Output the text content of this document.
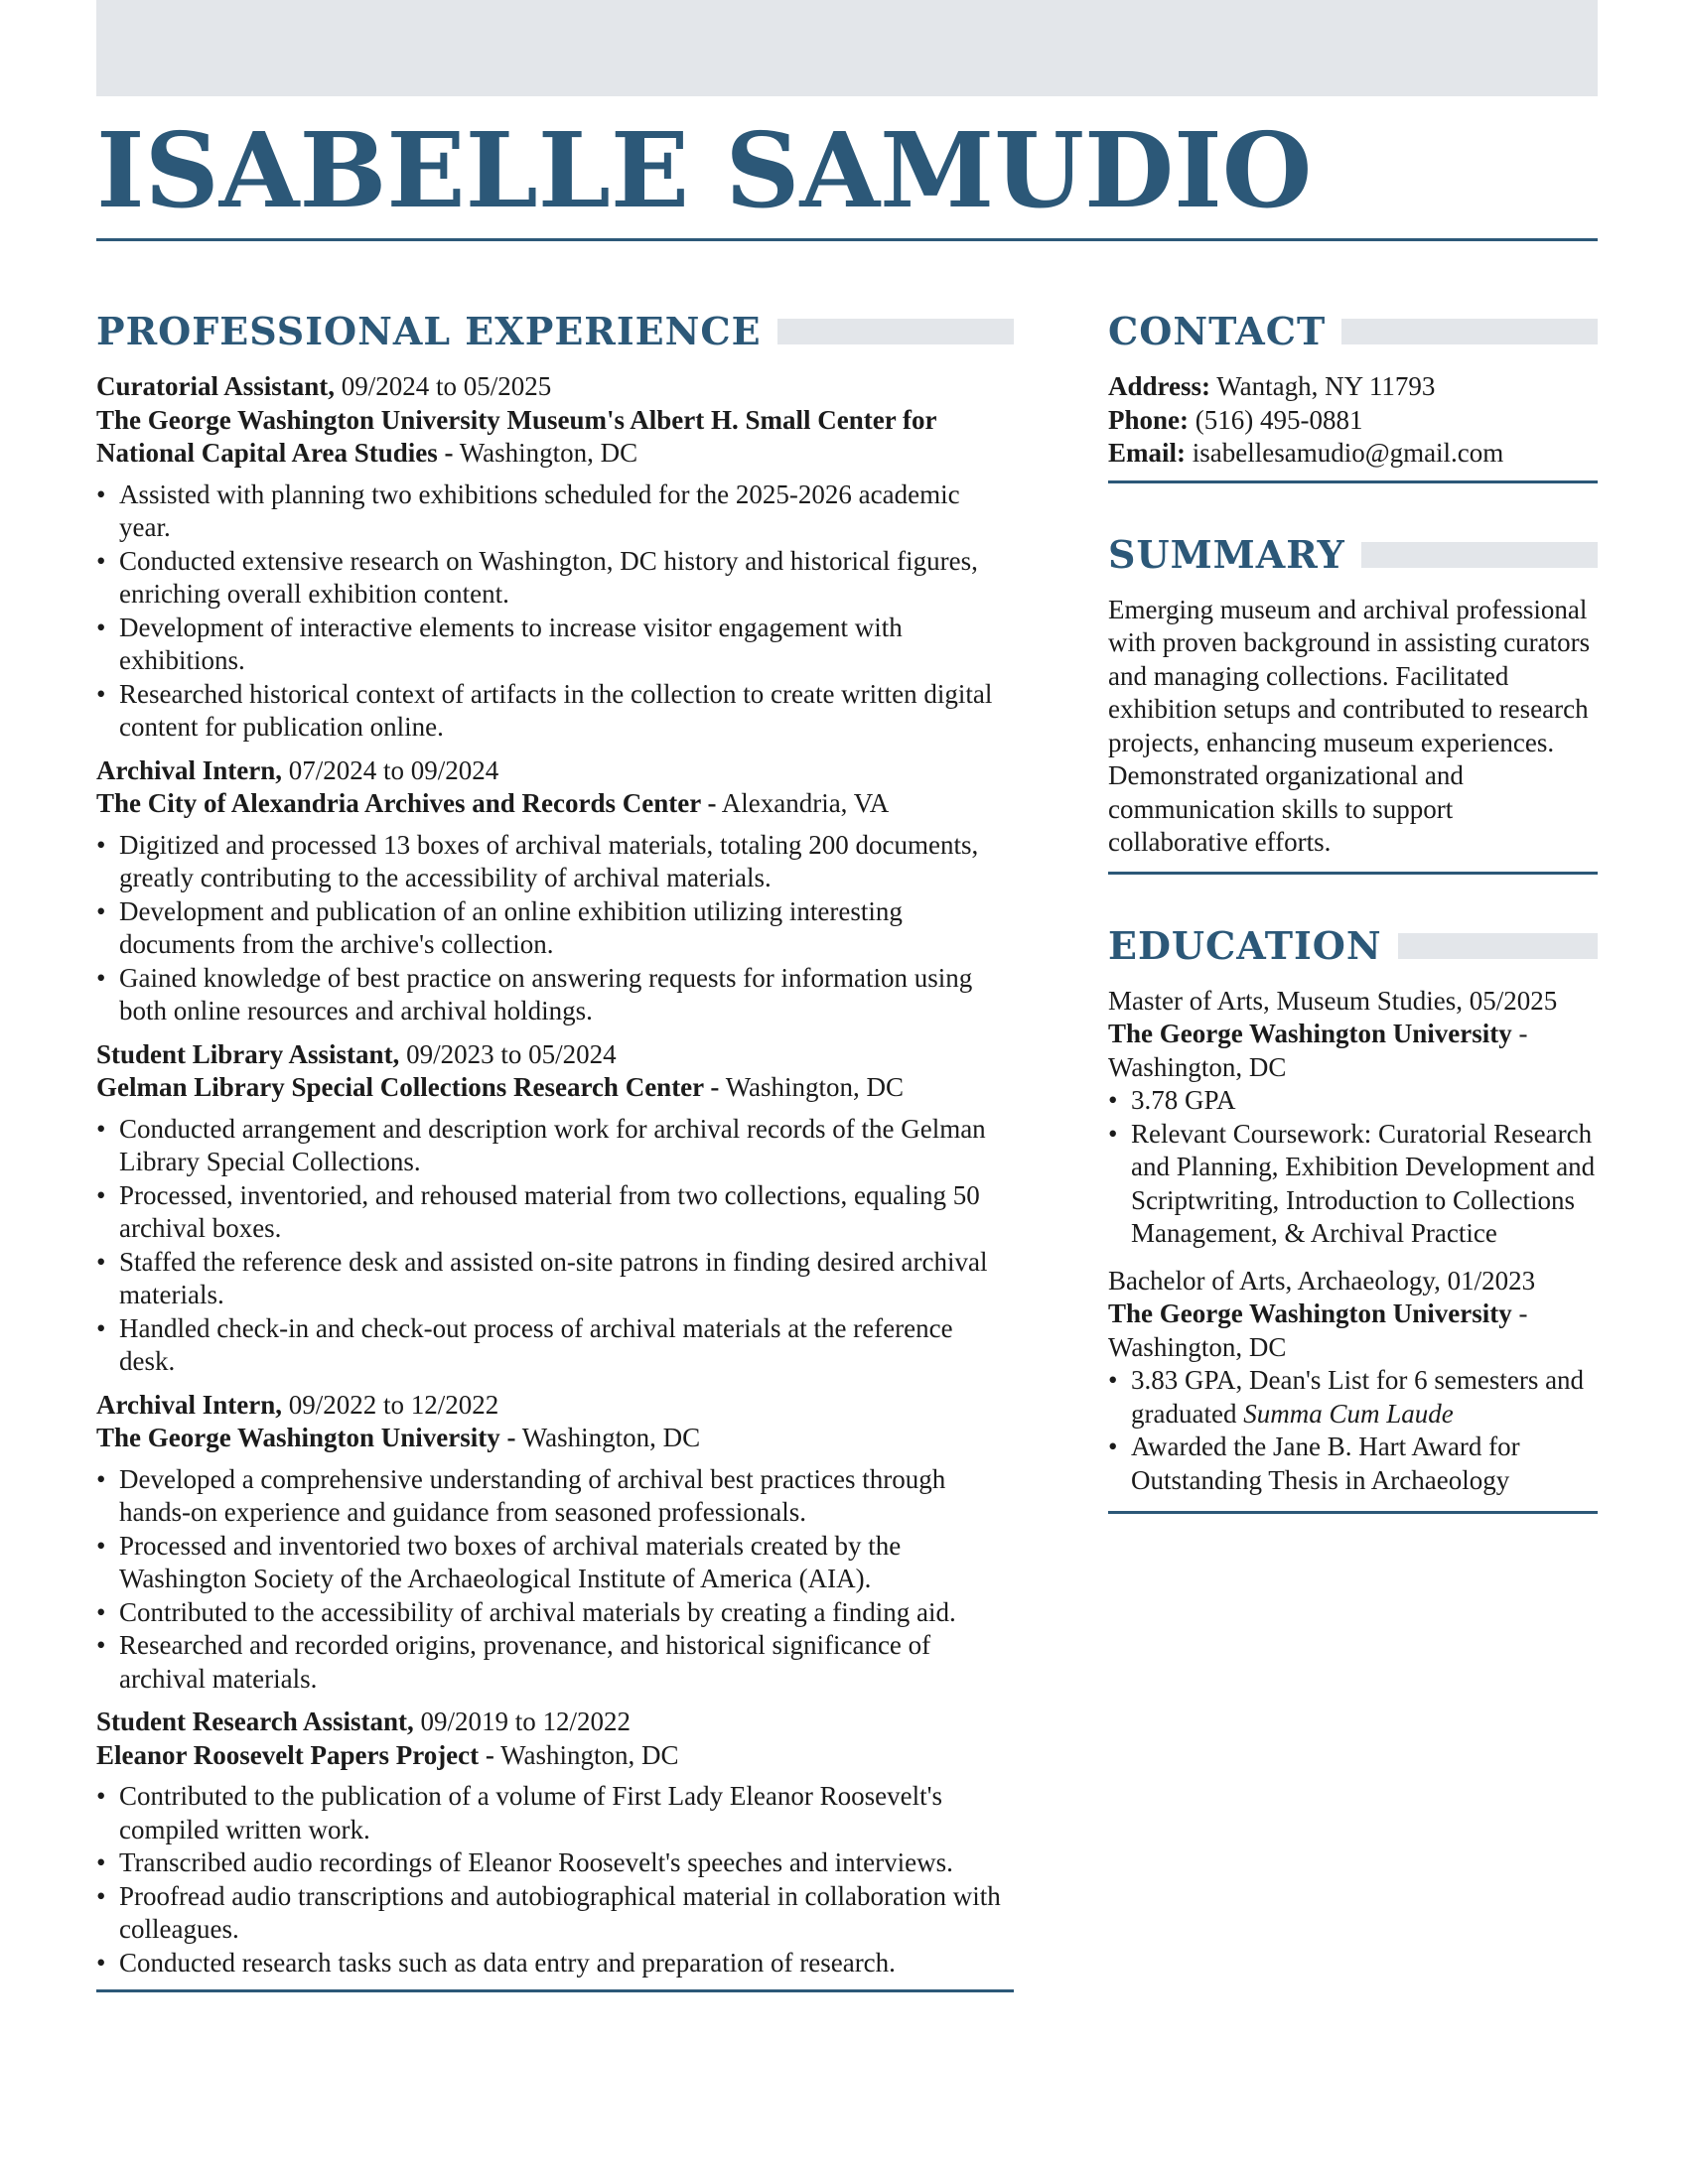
ISABELLE SAMUDIO
PROFESSIONAL EXPERIENCE
Curatorial Assistant, 09/2024 to 05/2025
The George Washington University Museum's Albert H. Small Center for National Capital Area Studies - Washington, DC
• Assisted with planning two exhibitions scheduled for the 2025-2026 academic year.
• Conducted extensive research on Washington, DC history and historical figures, enriching overall exhibition content.
• Development of interactive elements to increase visitor engagement with exhibitions.
• Researched historical context of artifacts in the collection to create written digital content for publication online.
Archival Intern, 07/2024 to 09/2024
The City of Alexandria Archives and Records Center - Alexandria, VA
• Digitized and processed 13 boxes of archival materials, totaling 200 documents, greatly contributing to the accessibility of archival materials.
• Development and publication of an online exhibition utilizing interesting documents from the archive's collection.
• Gained knowledge of best practice on answering requests for information using both online resources and archival holdings.
Student Library Assistant, 09/2023 to 05/2024
Gelman Library Special Collections Research Center - Washington, DC
• Conducted arrangement and description work for archival records of the Gelman Library Special Collections.
• Processed, inventoried, and rehoused material from two collections, equaling 50 archival boxes.
• Staffed the reference desk and assisted on-site patrons in finding desired archival materials.
• Handled check-in and check-out process of archival materials at the reference desk.
Archival Intern, 09/2022 to 12/2022
The George Washington University - Washington, DC
• Developed a comprehensive understanding of archival best practices through hands-on experience and guidance from seasoned professionals.
• Processed and inventoried two boxes of archival materials created by the Washington Society of the Archaeological Institute of America (AIA).
• Contributed to the accessibility of archival materials by creating a finding aid.
• Researched and recorded origins, provenance, and historical significance of archival materials.
Student Research Assistant, 09/2019 to 12/2022
Eleanor Roosevelt Papers Project - Washington, DC
• Contributed to the publication of a volume of First Lady Eleanor Roosevelt's compiled written work.
• Transcribed audio recordings of Eleanor Roosevelt's speeches and interviews.
• Proofread audio transcriptions and autobiographical material in collaboration with colleagues.
• Conducted research tasks such as data entry and preparation of research.
CONTACT
Address: Wantagh, NY 11793
Phone: (516) 495-0881
Email: isabellesamudio@gmail.com
SUMMARY
Emerging museum and archival professional with proven background in assisting curators and managing collections. Facilitated exhibition setups and contributed to research projects, enhancing museum experiences. Demonstrated organizational and communication skills to support collaborative efforts.
EDUCATION
Master of Arts, Museum Studies, 05/2025
The George Washington University - Washington, DC
• 3.78 GPA
• Relevant Coursework: Curatorial Research and Planning, Exhibition Development and Scriptwriting, Introduction to Collections Management, & Archival Practice
Bachelor of Arts, Archaeology, 01/2023
The George Washington University - Washington, DC
• 3.83 GPA, Dean's List for 6 semesters and graduated Summa Cum Laude
• Awarded the Jane B. Hart Award for Outstanding Thesis in Archaeology
